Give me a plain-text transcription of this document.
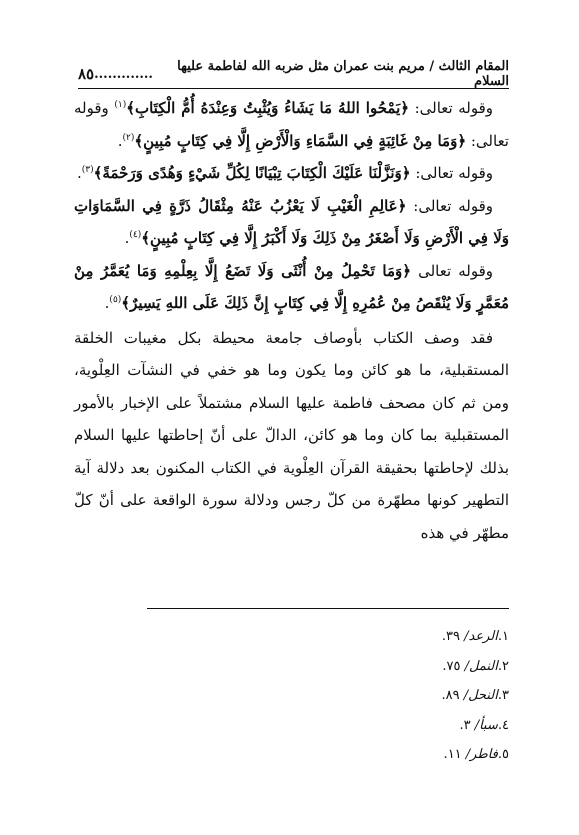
المقام الثالث / مريم بنت عمران مثل ضربه الله لفاطمة عليها السلام
.............
٨٥

وقوله تعالى: ﴿يَمْحُوا اللهُ مَا يَشَاءُ وَيُثْبِتُ وَعِنْدَهُ أُمُّ الْكِتَابِ﴾$^{(١)}$ وقوله تعالى: ﴿وَمَا مِنْ غَائِبَةٍ فِي السَّمَاءِ وَالْأَرْضِ إِلَّا فِي كِتَابٍ مُبِينٍ﴾$^{(٢)}$.

وقوله تعالى: ﴿وَنَزَّلْنَا عَلَيْكَ الْكِتَابَ تِبْيَانًا لِكُلِّ شَيْءٍ وَهُدًى وَرَحْمَةً﴾$^{(٣)}$.

وقوله تعالى: ﴿عَالِمِ الْغَيْبِ لَا يَعْزُبُ عَنْهُ مِثْقَالُ ذَرَّةٍ فِي السَّمَاوَاتِ وَلَا فِي الْأَرْضِ وَلَا أَصْغَرُ مِنْ ذَلِكَ وَلَا أَكْبَرُ إِلَّا فِي كِتَابٍ مُبِينٍ﴾$^{(٤)}$.

وقوله تعالى ﴿وَمَا تَحْمِلُ مِنْ أُنْثَى وَلَا تَضَعُ إِلَّا بِعِلْمِهِ وَمَا يُعَمَّرُ مِنْ مُعَمَّرٍ وَلَا يُنْقَصُ مِنْ عُمُرِهِ إِلَّا فِي كِتَابٍ إِنَّ ذَلِكَ عَلَى اللهِ يَسِيرٌ﴾$^{(٥)}$.

فقد وصف الكتاب بأوصاف جامعة محيطة بكل مغيبات الخلقة المستقبلية، ما هو كائن وما يكون وما هو خفي في النشآت العِلْوية، ومن ثم كان مصحف فاطمة عليها السلام مشتملاً على الإخبار بالأمور المستقبلية بما كان وما هو كائن، الدالّ على أنّ إحاطتها عليها السلام بذلك لإحاطتها بحقيقة القرآن العِلْوية في الكتاب المكنون بعد دلالة آية التطهير كونها مطهّرة من كلّ رجس ودلالة سورة الواقعة على أنّ كلّ مطهّر في هذه

١.الرعد/ ٣٩.
٢.النمل/ ٧٥.
٣.النحل/ ٨٩.
٤.سبأ/ ٣.
٥.فاطر/ ١١.
